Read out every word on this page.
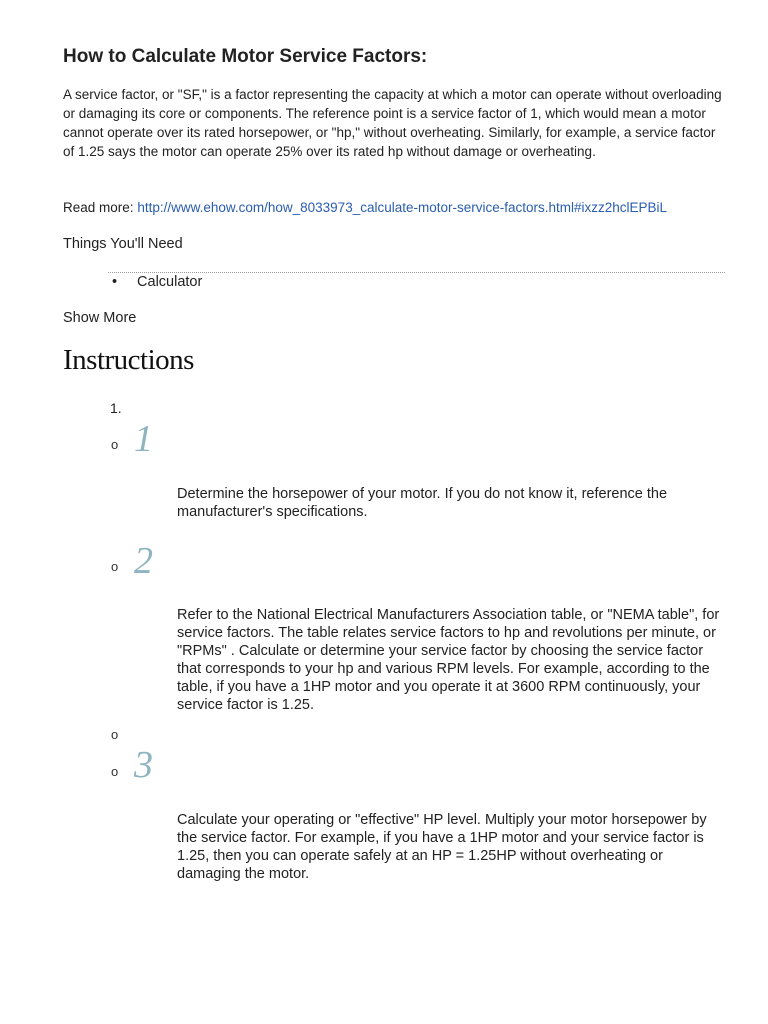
How to Calculate Motor Service Factors:

A service factor, or "SF," is a factor representing the capacity at which a motor can operate without overloading or damaging its core or components. The reference point is a service factor of 1, which would mean a motor cannot operate over its rated horsepower, or "hp," without overheating. Similarly, for example, a service factor of 1.25 says the motor can operate 25% over its rated hp without damage or overheating.

Read more: http://www.ehow.com/how_8033973_calculate-motor-service-factors.html#ixzz2hclEPBiL

Things You'll Need

• Calculator

Show More

Instructions
1.
o 1

Determine the horsepower of your motor. If you do not know it, reference the manufacturer's specifications.

o 2

Refer to the National Electrical Manufacturers Association table, or "NEMA table", for service factors. The table relates service factors to hp and revolutions per minute, or "RPMs" . Calculate or determine your service factor by choosing the service factor that corresponds to your hp and various RPM levels. For example, according to the table, if you have a 1HP motor and you operate it at 3600 RPM continuously, your service factor is 1.25.

o
o 3

Calculate your operating or "effective" HP level. Multiply your motor horsepower by the service factor. For example, if you have a 1HP motor and your service factor is 1.25, then you can operate safely at an HP = 1.25HP without overheating or damaging the motor.
